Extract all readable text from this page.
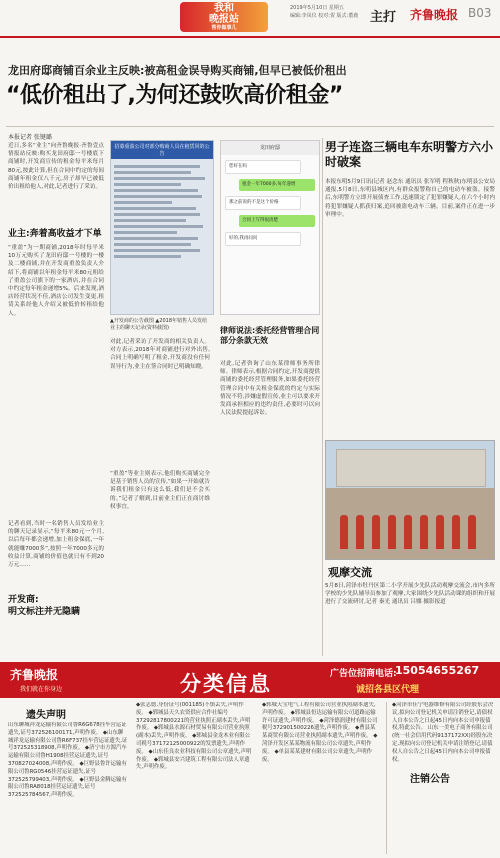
我和
晚报站
帮你做事儿
2019年5月10日 星期五
编辑:李凤仪 校对:贺 版式:董鹿 主打 齐鲁晚报 B03
龙田府邸商铺百余业主反映:被高租金误导购买商铺,但早已被低价租出
“低价租出了,为何还鼓吹高价租金”
本报记者 张键璐
近日,多名“业主”向齐鲁晚报·齐鲁壹点情报站反映:购买龙田府邸一号楼底下商铺时,开发商宣传的租金每平米每月80元,按此计算,但在合同中约定的每间商铺年租金仅八千元,房子却早已被低价出租给他人,对此,记者进行了采访。
业主:奔着高收益才下单
“重盈”为一期商铺,2018年时每平米10万元购买了龙田府邸一号楼的一楼及二楼商铺,并在开发商重盈负责人介绍下,将商铺以年租金每平米80元租给了重盈公司旗下的一家酒店,并在合同中约定每年租金递增5%。后来发现,酒店经营状况不佳,酒店公司发生变更,租赁关系经他人介绍又被低价转租给他人。
记者看到,当时一名销售人员发给业主的聊天记录显示,“每平米80元一个月,以后每年都会递增,加上租金保底,一年就能赚7000多”,按照一年7000多元的收益计算,商铺的价值也就只有不到20万元……
开发商:
明文标注并无隐瞒
招募重盈公司对部分购商人员在租赁同的公告
龙田府邸
您好在吗
租金一年7000多,每年递增
那之前说的不是这个价格
合同上写得很清楚
好的,我再问问
▲开发商的公告截图 ▲2018年销售人员发给业主的聊天记录(资料截图)
对此,记者采访了开发商的相关负责人。对方表示,2018年对商铺进行对外出售,合同上明确写明了租金,开发商没有任何误导行为,业主在签合同时已明确知晓。
“重盈”等业主则表示,他们购买商铺完全是基于销售人员的宣传,“如果一开始就告诉我们租金只有这么低,我们是不会买的。”记者了解到,目前业主们正在商讨维权事宜。
律师说法:委托经营管理合同部分条款无效
对此,记者咨询了山东某律师事务所律师。律师表示,根据合同约定,开发商提供商铺的委托经营管理服务,如果委托经营管理合同中有关租金保底的约定与实际情况不符,涉嫌虚假宣传,业主可以要求开发商承担相应的违约责任,必要时可以向人民法院提起诉讼。
男子连盗三辆电车东明警方六小时破案
本报东明5月9日讯(记者 赵念东 通讯员 张军明 程秋秋)东明县公安局通报,5月8日,东明县城区内,有群众报警称自己的电动车被盗。接警后,东明警方立即开展侦查工作,迅速锁定了犯罪嫌疑人,在六个小时内将犯罪嫌疑人抓获归案,追回被盗电动车三辆。目前,案件正在进一步审理中。
观摩交流
5月8日,菏泽市牡丹区第二小学开展少先队活动观摩交流会,市内多所学校的少先队辅导员参加了观摩,大家围绕少先队活动课的组织和开展进行了交流研讨,记者 秦光 通讯员 吕娜 摄影报道
齐鲁晚报
我们就在你身边	分类信息	广告位招商电话:
15054655267
诚招各县区代理
遗失声明
山东聊城祥龙运输有限公司鲁R6G678挂车营运证遗失,证号372526100171,声明作废。 ◆山东聊城祥龙运输有限公司鲁R6F737挂车营运证遗失,证号372525318908,声明作废。 ◆济宁市方源汽车运输有限公司鲁H1908挂营运证遗失,证号370827024008,声明作废。 ◆巨野县鲁许运输有限公司鲁RG0546挂营运证遗失,证号372525799403,声明作废。 ◆巨野县金腾运输有限公司鲁RA8018挂营运证遗失,证号372525784567,声明作废。
◆张志德,身份证号(001185)不慎丢失,声明作废。 ◆郓城县天久农资供应合作社编号37292817800221的营业执照正副本丢失,声明作废。 ◆郓城县水源石材贸易有限公司营业执照(副本)丢失,声明作废。 ◆郓城县金龙木业有限公司税号37172125000922的发票遗失,声明作废。 ◆山东佳良农业科技有限公司公章遗失,声明作废。 ◆郓城县安兴建筑工程有限公司法人章遗失,声明作废。
◆郓城天宝电气工程有限公司营业执照副本遗失,声明作废。 ◆郓城县恒达运输有限公司道路运输许可证遗失,声明作废。 ◆菏泽德润建材有限公司税号372901500226遗失,声明作废。 ◆曹县某某商贸有限公司营业执照副本遗失,声明作废。 ◆菏泽开发区某某物流有限公司公章遗失,声明作废。 ◆单县某某建材有限公司公章遗失,声明作废。
注销公告
◆菏泽市佳宁电器维修有限公司经股东会决议,拟向公司登记机关申请注销登记,请债权人自本公告之日起45日内向本公司申报债权,特此公告。 山东一美电子商务有限公司(统一社会信用代码9137172XX)经股东决定,现拟向公司登记机关申请注销登记,请债权人自公告之日起45日内向本公司申报债权。
